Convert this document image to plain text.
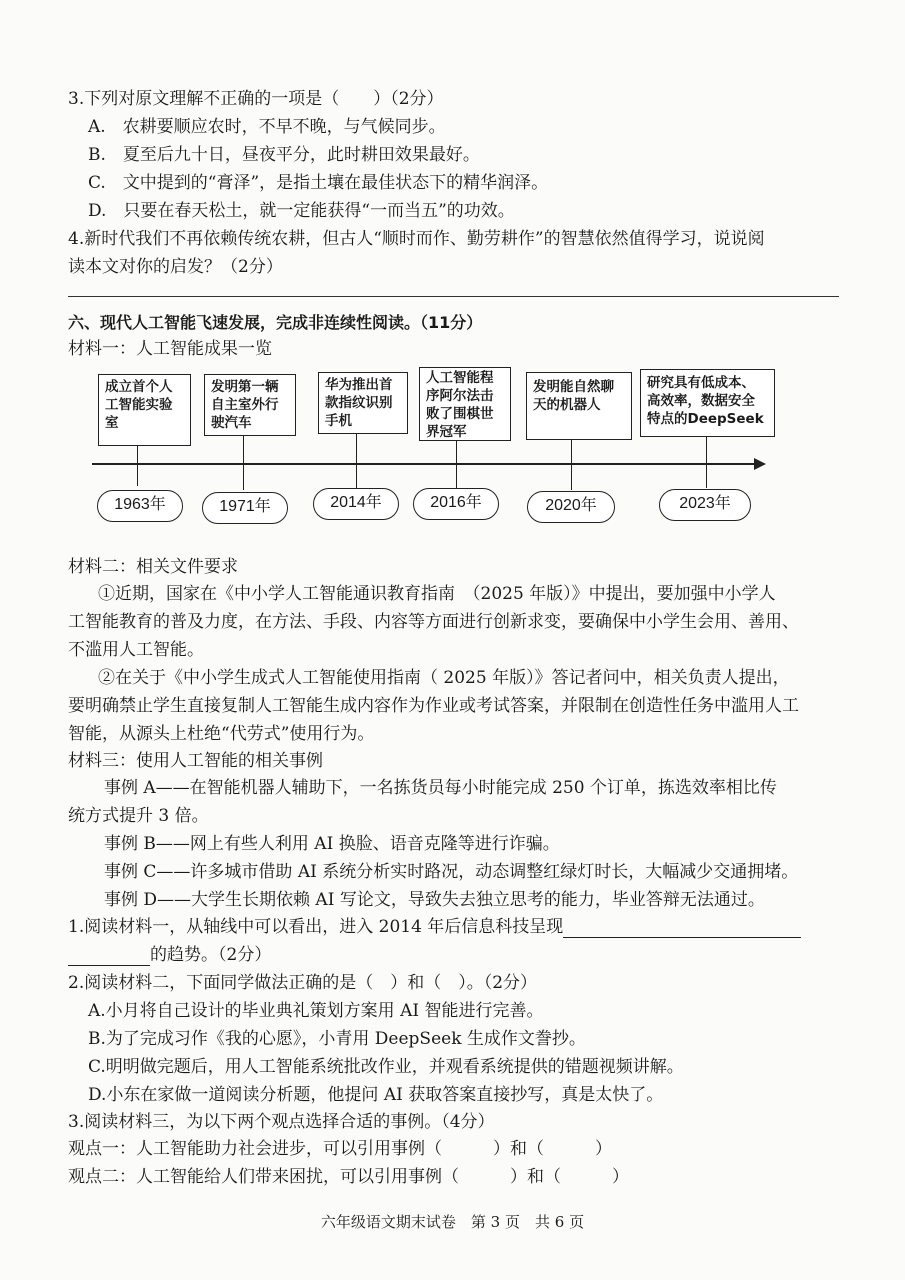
3.下列对原文理解不正确的一项是（　　）（2分）
A.　农耕要顺应农时，不早不晚，与气候同步。
B.　夏至后九十日，昼夜平分，此时耕田效果最好。
C.　文中提到的“膏泽”，是指土壤在最佳状态下的精华润泽。
D.　只要在春天松土，就一定能获得“一而当五”的功效。
4.新时代我们不再依赖传统农耕，但古人“顺时而作、勤劳耕作”的智慧依然值得学习，说说阅
读本文对你的启发？（2分）
六、现代人工智能飞速发展，完成非连续性阅读。（11分）
材料一：人工智能成果一览
成立首个人
工智能实验
室
1963年
发明第一辆
自主室外行
驶汽车
1971年
华为推出首
款指纹识别
手机
2014年
人工智能程
序阿尔法击
败了围棋世
界冠军
2016年
发明能自然聊
天的机器人
2020年
研究具有低成本、
高效率，数据安全
特点的DeepSeek
2023年
材料二：相关文件要求
①近期，国家在《中小学人工智能通识教育指南　（2025 年版）》中提出，要加强中小学人
工智能教育的普及力度，在方法、手段、内容等方面进行创新求变，要确保中小学生会用、善用、
不滥用人工智能。
②在关于《中小学生成式人工智能使用指南（ 2025 年版）》答记者问中，相关负责人提出，
要明确禁止学生直接复制人工智能生成内容作为作业或考试答案，并限制在创造性任务中滥用人工
智能，从源头上杜绝“代劳式”使用行为。
材料三：使用人工智能的相关事例
事例 A——在智能机器人辅助下，一名拣货员每小时能完成 250 个订单，拣选效率相比传
统方式提升 3 倍。
事例 B——网上有些人利用 AI 换脸、语音克隆等进行诈骗。
事例 C——许多城市借助 AI 系统分析实时路况，动态调整红绿灯时长，大幅减少交通拥堵。
事例 D——大学生长期依赖 AI 写论文，导致失去独立思考的能力，毕业答辩无法通过。
1.阅读材料一，从轴线中可以看出，进入 2014 年后信息科技呈现
的趋势。（2分）
2.阅读材料二，下面同学做法正确的是（　）和（　）。（2分）
A.小月将自己设计的毕业典礼策划方案用 AI 智能进行完善。
B.为了完成习作《我的心愿》，小青用 DeepSeek 生成作文誊抄。
C.明明做完题后，用人工智能系统批改作业，并观看系统提供的错题视频讲解。
D.小东在家做一道阅读分析题，他提问 AI 获取答案直接抄写，真是太快了。
3.阅读材料三，为以下两个观点选择合适的事例。（4分）
观点一：人工智能助力社会进步，可以引用事例（　　　）和（　　　）
观点二：人工智能给人们带来困扰，可以引用事例（　　　）和（　　　）
六年级语文期末试卷　第 3 页　共 6 页
